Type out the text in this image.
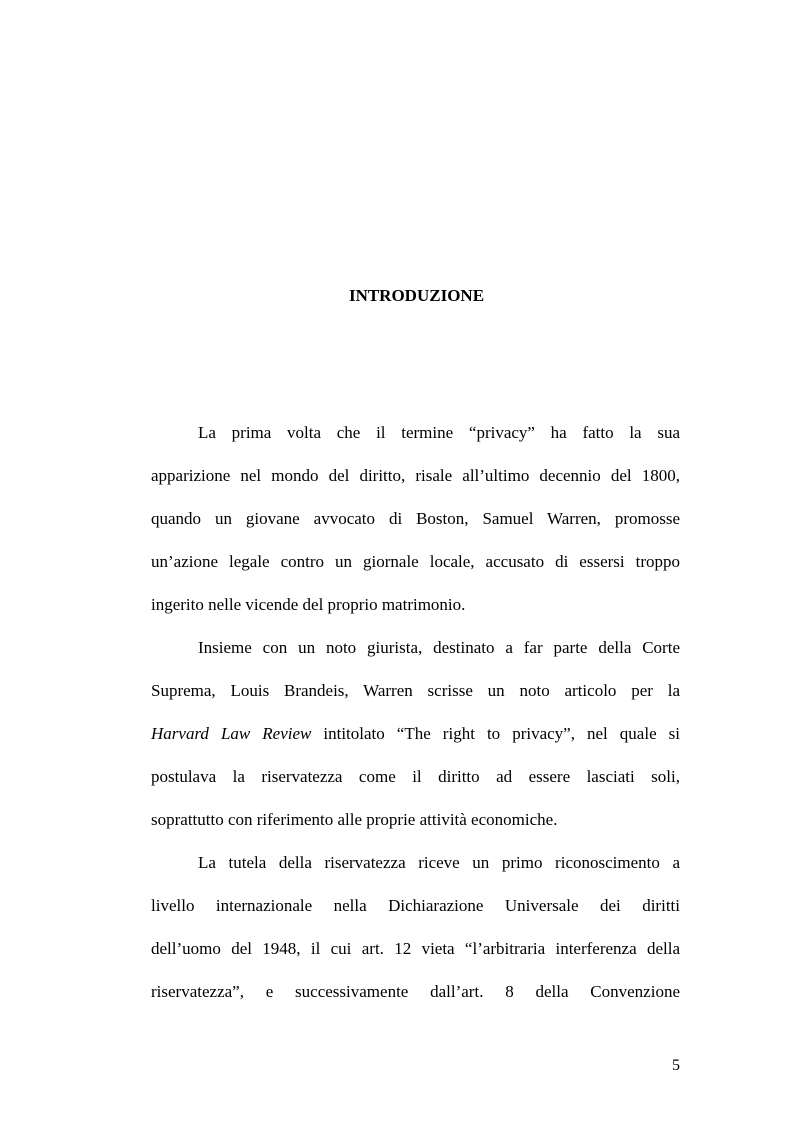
INTRODUZIONE

La prima volta che il termine “privacy” ha fatto la sua
apparizione nel mondo del diritto, risale all’ultimo decennio del 1800,
quando un giovane avvocato di Boston, Samuel Warren, promosse
un’azione legale contro un giornale locale, accusato di essersi troppo
ingerito nelle vicende del proprio matrimonio.

Insieme con un noto giurista, destinato a far parte della Corte
Suprema, Louis Brandeis, Warren scrisse un noto articolo per la
Harvard Law Review intitolato “The right to privacy”, nel quale si
postulava la riservatezza come il diritto ad essere lasciati soli,
soprattutto con riferimento alle proprie attività economiche.

La tutela della riservatezza riceve un primo riconoscimento a
livello internazionale nella Dichiarazione Universale dei diritti
dell’uomo del 1948, il cui art. 12 vieta “l’arbitraria interferenza della
riservatezza”, e successivamente dall’art. 8 della Convenzione

5
